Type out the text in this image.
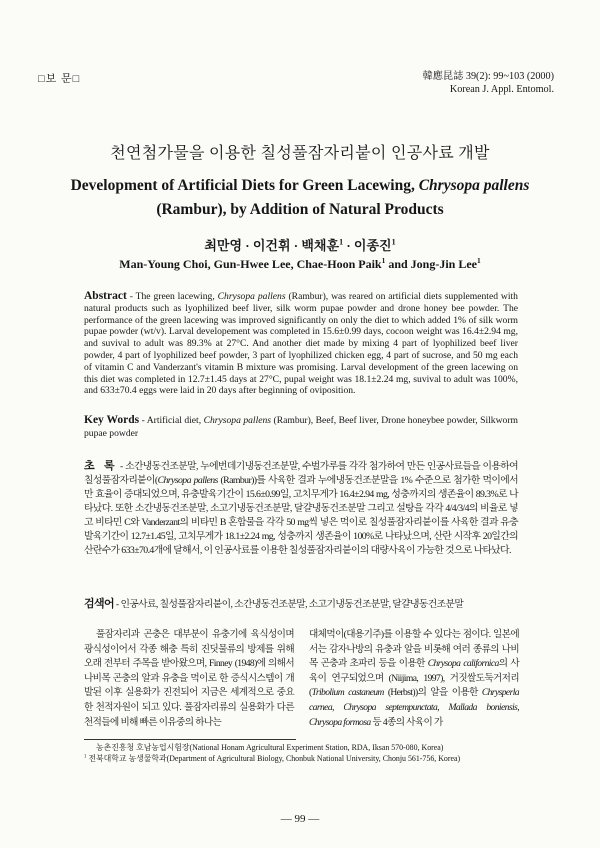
□보 문□	韓應昆誌 39(2): 99~103 (2000)
Korean J. Appl. Entomol.
천연첨가물을 이용한 칠성풀잠자리붙이 인공사료 개발
Development of Artificial Diets for Green Lacewing, Chrysopa pallens (Rambur), by Addition of Natural Products
최만영 · 이건휘 · 백채훈$^1$ · 이종진$^1$
Man-Young Choi, Gun-Hwee Lee, Chae-Hoon Paik$^1$ and Jong-Jin Lee$^1$
Abstract - The green lacewing, Chrysopa pallens (Rambur), was reared on artificial diets supplemented with natural products such as lyophilized beef liver, silk worm pupae powder and drone honey bee powder. The performance of the green lacewing was improved significantly on only the diet to which added 1% of silk worm pupae powder (wt/v). Larval developement was completed in 15.6±0.99 days, cocoon weight was 16.4±2.94 mg, and suvival to adult was 89.3% at 27°C. And another diet made by mixing 4 part of lyophilized beef liver powder, 4 part of lyophilized beef powder, 3 part of lyophilized chicken egg, 4 part of sucrose, and 50 mg each of vitamin C and Vanderzant's vitamin B mixture was promising. Larval development of the green lacewing on this diet was completed in 12.7±1.45 days at 27°C, pupal weight was 18.1±2.24 mg, suvival to adult was 100%, and 633±70.4 eggs were laid in 20 days after beginning of oviposition.
Key Words - Artificial diet, Chrysopa pallens (Rambur), Beef, Beef liver, Drone honeybee powder, Silkworm pupae powder
초 록 - 소간냉동건조분말, 누에번데기냉동건조분말, 수벌가루를 각각 첨가하여 만든 인공사료들을 이용하여 칠성풀잠자리붙이(Chrysopa pallens (Rambur))를 사육한 결과 누에냉동건조분말을 1% 수준으로 첨가한 먹이에서만 효율이 증대되었으며, 유충발육기간이 15.6±0.99일, 고치무게가 16.4±2.94 mg, 성충까지의 생존율이 89.3%로 나타났다. 또한 소간냉동건조분말, 소고기냉동건조분말, 달걀냉동건조분말 그리고 설탕을 각각 4/4/3/4의 비율로 넣고 비타민 C와 Vanderzant의 비타민 B 혼합물을 각각 50 mg씩 넣은 먹이로 칠성풀잠자리붙이를 사육한 결과 유충발육기간이 12.7±1.45일, 고치무게가 18.1±2.24 mg, 성충까지 생존율이 100%로 나타났으며, 산란 시작후 20일간의 산란수가 633±70.4개에 달해서, 이 인공사료를 이용한 칠성풀잠자리붙이의 대량사육이 가능한 것으로 나타났다.
검색어 - 인공사료, 칠성풀잠자리붙이, 소간냉동건조분말, 소고기냉동건조분말, 달걀냉동건조분말
풀잠자리과 곤충은 대부분이 유충기에 육식성이며 광식성이어서 각종 해충 특히 진딧물류의 방제를 위해 오래 전부터 주목을 받아왔으며, Finney (1948)에 의해서 나비목 곤충의 알과 유충을 먹이로 한 증식시스템이 개발된 이후 실용화가 진전되어 지금은 세계적으로 중요한 천적자원이 되고 있다. 풀잠자리류의 실용화가 다른 천적들에 비해 빠른 이유중의 하나는
대체먹이(대용기주)를 이용할 수 있다는 점이다. 일본에서는 감자나방의 유충과 알을 비롯해 여러 종류의 나비목 곤충과 초파리 등을 이용한 Chrysopa californica의 사육이 연구되었으며 (Niijima, 1997), 거짓쌀도둑거저리(Tribolium castaneum (Herbst))의 알을 이용한 Chrysperla carnea, Chrysopa septempunctata, Mallada boniensis, Chrysopa formosa 등 4종의 사육이 가
농촌진흥청 호남농업시험장(National Honam Agricultural Experiment Station, RDA, Iksan 570-080, Korea)
$^1$ 전북대학교 농생물학과(Department of Agricultural Biology, Chonbuk National University, Chonju 561-756, Korea)
— 99 —
